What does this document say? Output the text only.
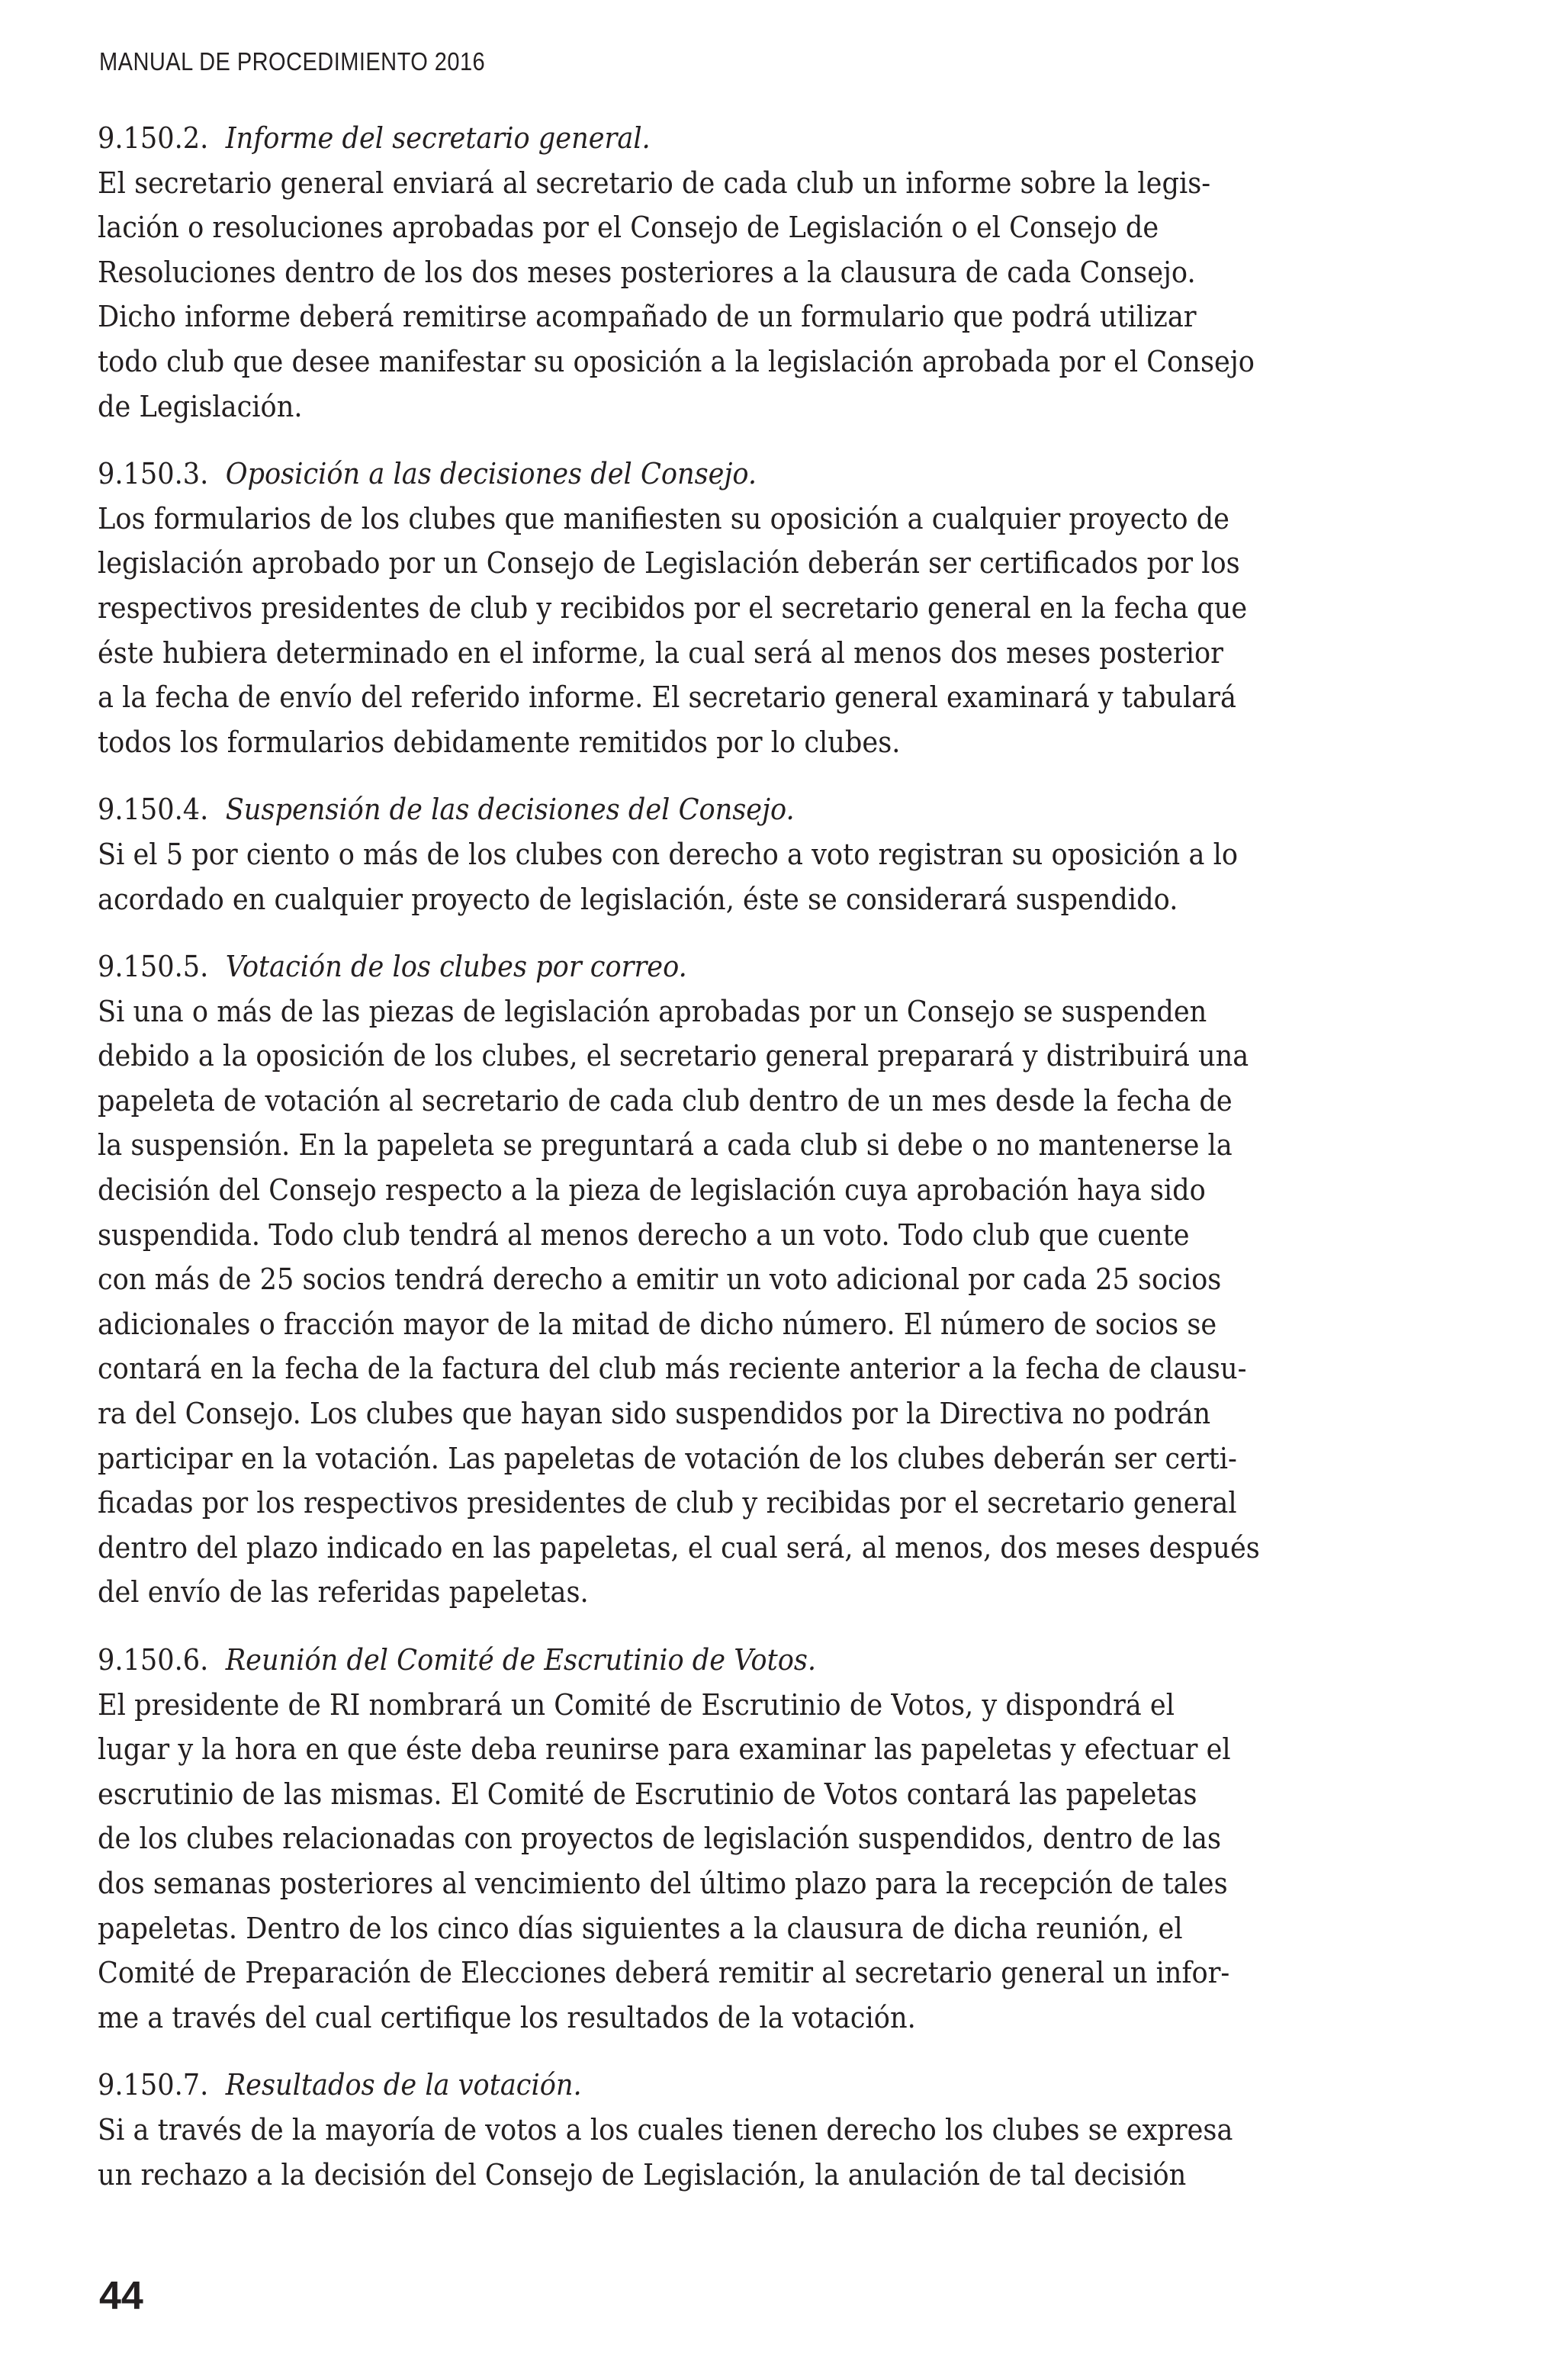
MANUAL DE PROCEDIMIENTO 2016
9.150.2. Informe del secretario general.
El secretario general enviará al secretario de cada club un informe sobre la legis-
lación o resoluciones aprobadas por el Consejo de Legislación o el Consejo de
Resoluciones dentro de los dos meses posteriores a la clausura de cada Consejo.
Dicho informe deberá remitirse acompañado de un formulario que podrá utilizar
todo club que desee manifestar su oposición a la legislación aprobada por el Consejo
de Legislación.
9.150.3. Oposición a las decisiones del Consejo.
Los formularios de los clubes que manifiesten su oposición a cualquier proyecto de
legislación aprobado por un Consejo de Legislación deberán ser certificados por los
respectivos presidentes de club y recibidos por el secretario general en la fecha que
éste hubiera determinado en el informe, la cual será al menos dos meses posterior
a la fecha de envío del referido informe. El secretario general examinará y tabulará
todos los formularios debidamente remitidos por lo clubes.
9.150.4. Suspensión de las decisiones del Consejo.
Si el 5 por ciento o más de los clubes con derecho a voto registran su oposición a lo
acordado en cualquier proyecto de legislación, éste se considerará suspendido.
9.150.5. Votación de los clubes por correo.
Si una o más de las piezas de legislación aprobadas por un Consejo se suspenden
debido a la oposición de los clubes, el secretario general preparará y distribuirá una
papeleta de votación al secretario de cada club dentro de un mes desde la fecha de
la suspensión. En la papeleta se preguntará a cada club si debe o no mantenerse la
decisión del Consejo respecto a la pieza de legislación cuya aprobación haya sido
suspendida. Todo club tendrá al menos derecho a un voto. Todo club que cuente
con más de 25 socios tendrá derecho a emitir un voto adicional por cada 25 socios
adicionales o fracción mayor de la mitad de dicho número. El número de socios se
contará en la fecha de la factura del club más reciente anterior a la fecha de clausu-
ra del Consejo. Los clubes que hayan sido suspendidos por la Directiva no podrán
participar en la votación. Las papeletas de votación de los clubes deberán ser certi-
ficadas por los respectivos presidentes de club y recibidas por el secretario general
dentro del plazo indicado en las papeletas, el cual será, al menos, dos meses después
del envío de las referidas papeletas.
9.150.6. Reunión del Comité de Escrutinio de Votos.
El presidente de RI nombrará un Comité de Escrutinio de Votos, y dispondrá el
lugar y la hora en que éste deba reunirse para examinar las papeletas y efectuar el
escrutinio de las mismas. El Comité de Escrutinio de Votos contará las papeletas
de los clubes relacionadas con proyectos de legislación suspendidos, dentro de las
dos semanas posteriores al vencimiento del último plazo para la recepción de tales
papeletas. Dentro de los cinco días siguientes a la clausura de dicha reunión, el
Comité de Preparación de Elecciones deberá remitir al secretario general un infor-
me a través del cual certifique los resultados de la votación.
9.150.7. Resultados de la votación.
Si a través de la mayoría de votos a los cuales tienen derecho los clubes se expresa
un rechazo a la decisión del Consejo de Legislación, la anulación de tal decisión
44
